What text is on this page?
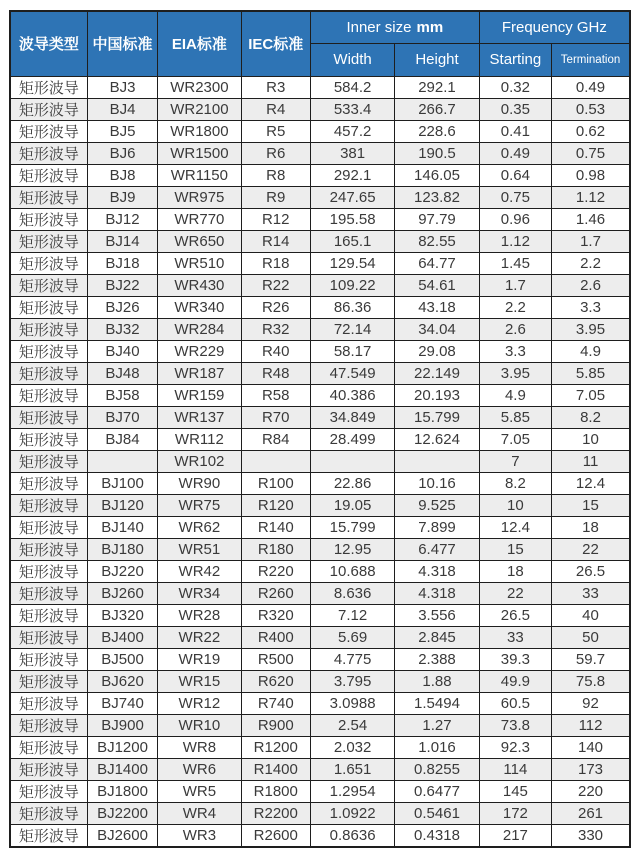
波导类型	中国标准	EIA标准	IEC标准	Inner size mm		Frequency GHz	
				Width	Height	Starting	Termination
矩形波导	BJ3	WR2300	R3	584.2	292.1	0.32	0.49
矩形波导	BJ4	WR2100	R4	533.4	266.7	0.35	0.53
矩形波导	BJ5	WR1800	R5	457.2	228.6	0.41	0.62
矩形波导	BJ6	WR1500	R6	381	190.5	0.49	0.75
矩形波导	BJ8	WR1150	R8	292.1	146.05	0.64	0.98
矩形波导	BJ9	WR975	R9	247.65	123.82	0.75	1.12
矩形波导	BJ12	WR770	R12	195.58	97.79	0.96	1.46
矩形波导	BJ14	WR650	R14	165.1	82.55	1.12	1.7
矩形波导	BJ18	WR510	R18	129.54	64.77	1.45	2.2
矩形波导	BJ22	WR430	R22	109.22	54.61	1.7	2.6
矩形波导	BJ26	WR340	R26	86.36	43.18	2.2	3.3
矩形波导	BJ32	WR284	R32	72.14	34.04	2.6	3.95
矩形波导	BJ40	WR229	R40	58.17	29.08	3.3	4.9
矩形波导	BJ48	WR187	R48	47.549	22.149	3.95	5.85
矩形波导	BJ58	WR159	R58	40.386	20.193	4.9	7.05
矩形波导	BJ70	WR137	R70	34.849	15.799	5.85	8.2
矩形波导	BJ84	WR112	R84	28.499	12.624	7.05	10
矩形波导		WR102				7	11
矩形波导	BJ100	WR90	R100	22.86	10.16	8.2	12.4
矩形波导	BJ120	WR75	R120	19.05	9.525	10	15
矩形波导	BJ140	WR62	R140	15.799	7.899	12.4	18
矩形波导	BJ180	WR51	R180	12.95	6.477	15	22
矩形波导	BJ220	WR42	R220	10.688	4.318	18	26.5
矩形波导	BJ260	WR34	R260	8.636	4.318	22	33
矩形波导	BJ320	WR28	R320	7.12	3.556	26.5	40
矩形波导	BJ400	WR22	R400	5.69	2.845	33	50
矩形波导	BJ500	WR19	R500	4.775	2.388	39.3	59.7
矩形波导	BJ620	WR15	R620	3.795	1.88	49.9	75.8
矩形波导	BJ740	WR12	R740	3.0988	1.5494	60.5	92
矩形波导	BJ900	WR10	R900	2.54	1.27	73.8	112
矩形波导	BJ1200	WR8	R1200	2.032	1.016	92.3	140
矩形波导	BJ1400	WR6	R1400	1.651	0.8255	114	173
矩形波导	BJ1800	WR5	R1800	1.2954	0.6477	145	220
矩形波导	BJ2200	WR4	R2200	1.0922	0.5461	172	261
矩形波导	BJ2600	WR3	R2600	0.8636	0.4318	217	330
